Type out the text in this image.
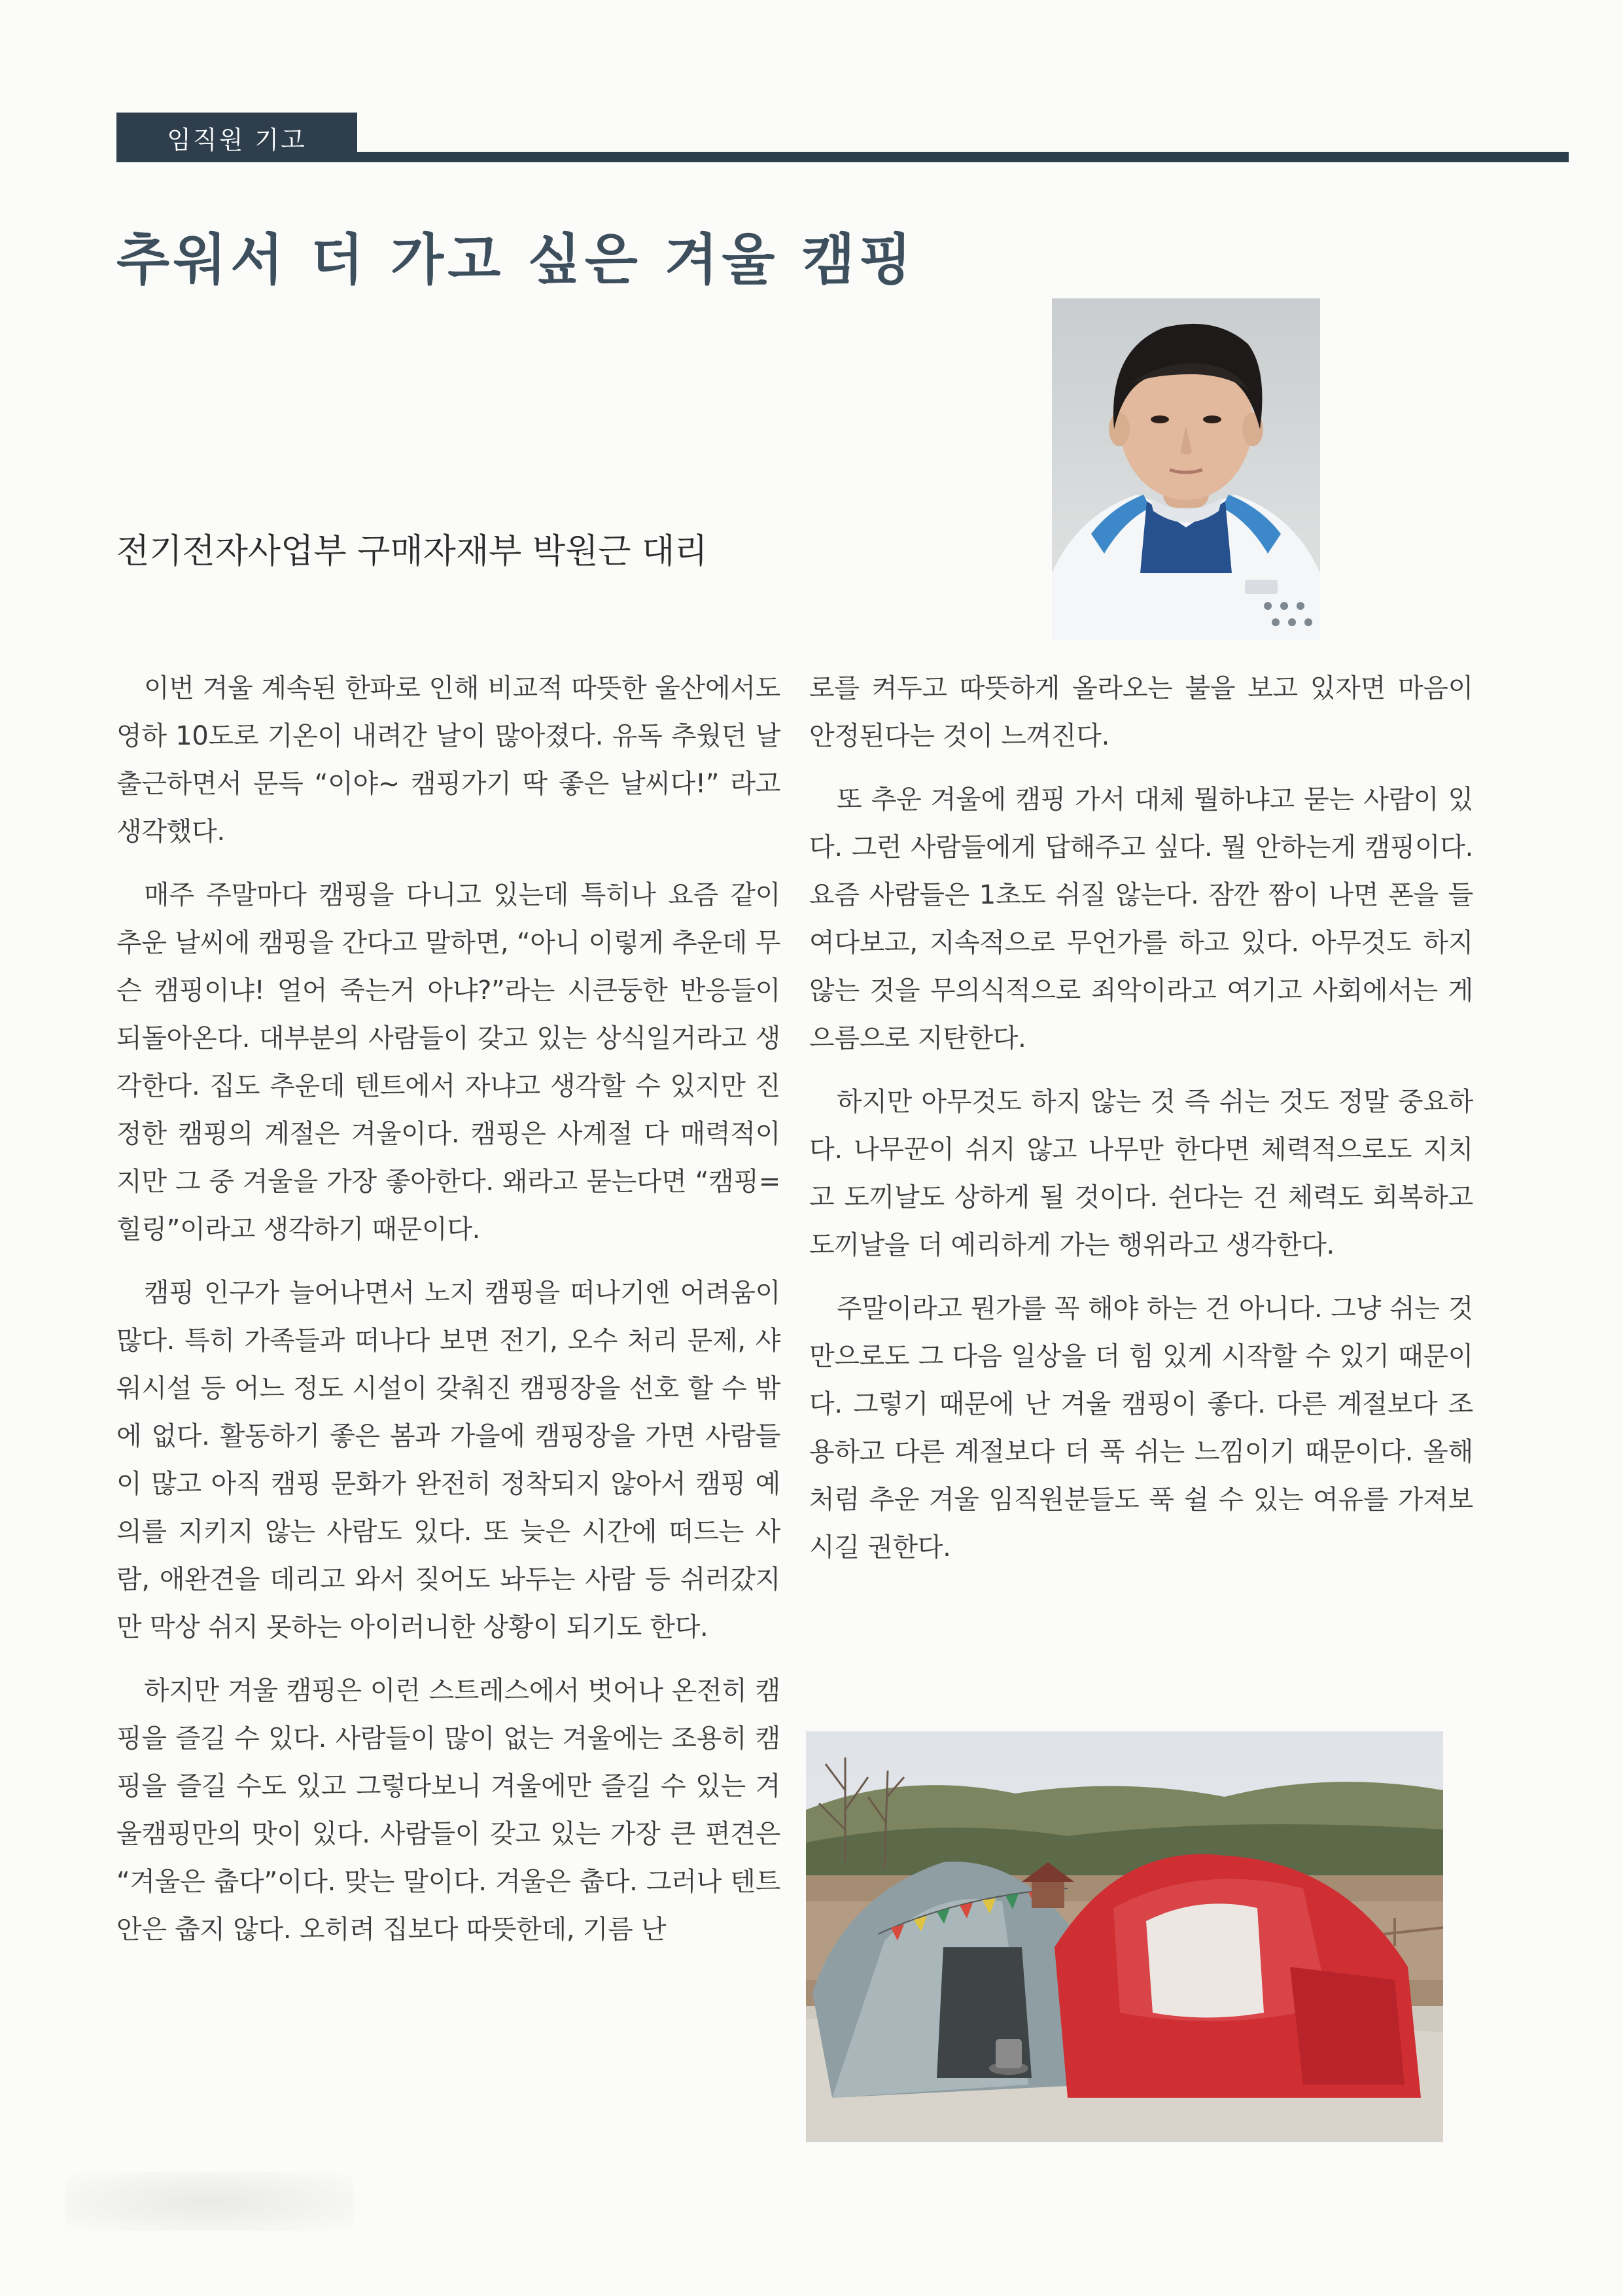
임직원 기고
추워서 더 가고 싶은 겨울 캠핑

전기전자사업부 구매자재부 박원근 대리

이번 겨울 계속된 한파로 인해 비교적 따뜻한 울산에서도 영하 10도로 기온이 내려간 날이 많아졌다. 유독 추웠던 날 출근하면서 문득 “이야~ 캠핑가기 딱 좋은 날씨다!” 라고 생각했다.

매주 주말마다 캠핑을 다니고 있는데 특히나 요즘 같이 추운 날씨에 캠핑을 간다고 말하면, “아니 이렇게 추운데 무슨 캠핑이냐! 얼어 죽는거 아냐?”라는 시큰둥한 반응들이 되돌아온다. 대부분의 사람들이 갖고 있는 상식일거라고 생각한다. 집도 추운데 텐트에서 자냐고 생각할 수 있지만 진정한 캠핑의 계절은 겨울이다. 캠핑은 사계절 다 매력적이지만 그 중 겨울을 가장 좋아한다. 왜라고 묻는다면 “캠핑=힐링”이라고 생각하기 때문이다.

캠핑 인구가 늘어나면서 노지 캠핑을 떠나기엔 어려움이 많다. 특히 가족들과 떠나다 보면 전기, 오수 처리 문제, 샤워시설 등 어느 정도 시설이 갖춰진 캠핑장을 선호 할 수 밖에 없다. 활동하기 좋은 봄과 가을에 캠핑장을 가면 사람들이 많고 아직 캠핑 문화가 완전히 정착되지 않아서 캠핑 예의를 지키지 않는 사람도 있다. 또 늦은 시간에 떠드는 사람, 애완견을 데리고 와서 짖어도 놔두는 사람 등 쉬러갔지만 막상 쉬지 못하는 아이러니한 상황이 되기도 한다.

하지만 겨울 캠핑은 이런 스트레스에서 벗어나 온전히 캠핑을 즐길 수 있다. 사람들이 많이 없는 겨울에는 조용히 캠핑을 즐길 수도 있고 그렇다보니 겨울에만 즐길 수 있는 겨울캠핑만의 맛이 있다. 사람들이 갖고 있는 가장 큰 편견은 “겨울은 춥다”이다. 맞는 말이다. 겨울은 춥다. 그러나 텐트 안은 춥지 않다. 오히려 집보다 따뜻한데, 기름 난

로를 켜두고 따뜻하게 올라오는 불을 보고 있자면 마음이 안정된다는 것이 느껴진다.

또 추운 겨울에 캠핑 가서 대체 뭘하냐고 묻는 사람이 있다. 그런 사람들에게 답해주고 싶다. 뭘 안하는게 캠핑이다. 요즘 사람들은 1초도 쉬질 않는다. 잠깐 짬이 나면 폰을 들여다보고, 지속적으로 무언가를 하고 있다. 아무것도 하지 않는 것을 무의식적으로 죄악이라고 여기고 사회에서는 게으름으로 지탄한다.

하지만 아무것도 하지 않는 것 즉 쉬는 것도 정말 중요하다. 나무꾼이 쉬지 않고 나무만 한다면 체력적으로도 지치고 도끼날도 상하게 될 것이다. 쉰다는 건 체력도 회복하고 도끼날을 더 예리하게 가는 행위라고 생각한다.

주말이라고 뭔가를 꼭 해야 하는 건 아니다. 그냥 쉬는 것만으로도 그 다음 일상을 더 힘 있게 시작할 수 있기 때문이다. 그렇기 때문에 난 겨울 캠핑이 좋다. 다른 계절보다 조용하고 다른 계절보다 더 푹 쉬는 느낌이기 때문이다. 올해처럼 추운 겨울 임직원분들도 푹 쉴 수 있는 여유를 가져보시길 권한다.
